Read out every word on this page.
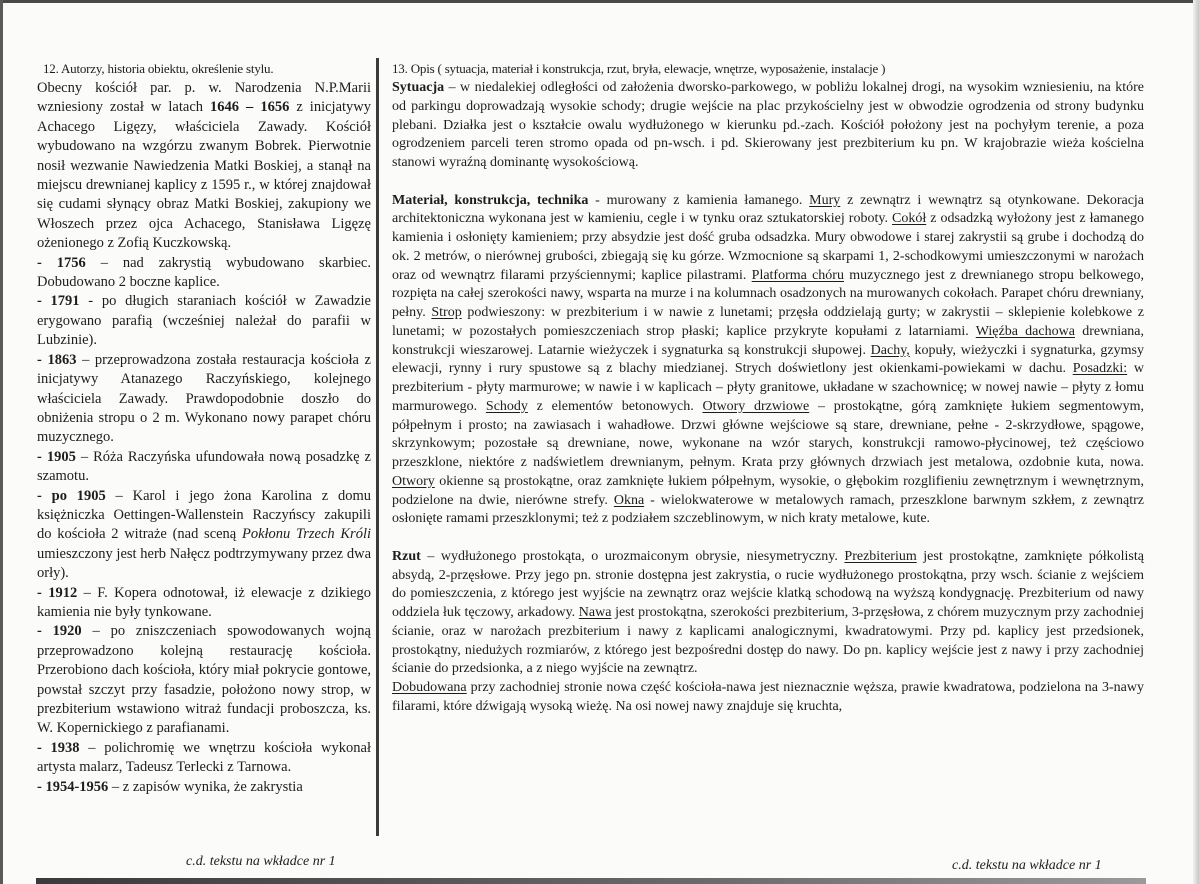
12. Autorzy, historia obiektu, określenie stylu.

Obecny kościół par. p. w. Narodzenia N.P.Marii wzniesiony został w latach 1646 – 1656 z inicjatywy Achacego Ligęzy, właściciela Zawady. Kościół wybudowano na wzgórzu zwanym Bobrek. Pierwotnie nosił wezwanie Nawiedzenia Matki Boskiej, a stanął na miejscu drewnianej kaplicy z 1595 r., w której znajdował się cudami słynący obraz Matki Boskiej, zakupiony we Włoszech przez ojca Achacego, Stanisława Ligęzę ożenionego z Zofią Kuczkowską.

- 1756 – nad zakrystią wybudowano skarbiec. Dobudowano 2 boczne kaplice.

- 1791 - po długich staraniach kościół w Zawadzie erygowano parafią (wcześniej należał do parafii w Lubzinie).

- 1863 – przeprowadzona została restauracja kościoła z inicjatywy Atanazego Raczyńskiego, kolejnego właściciela Zawady. Prawdopodobnie doszło do obniżenia stropu o 2 m. Wykonano nowy parapet chóru muzycznego.

- 1905 – Róża Raczyńska ufundowała nową posadzkę z szamotu.

- po 1905 – Karol i jego żona Karolina z domu księżniczka Oettingen-Wallenstein Raczyńscy zakupili do kościoła 2 witraże (nad sceną Pokłonu Trzech Króli umieszczony jest herb Nałęcz podtrzymywany przez dwa orły).

- 1912 – F. Kopera odnotował, iż elewacje z dzikiego kamienia nie były tynkowane.

- 1920 – po zniszczeniach spowodowanych wojną przeprowadzono kolejną restaurację kościoła. Przerobiono dach kościoła, który miał pokrycie gontowe, powstał szczyt przy fasadzie, położono nowy strop, w prezbiterium wstawiono witraż fundacji proboszcza, ks. W. Kopernickiego z parafianami.

- 1938 – polichromię we wnętrzu kościoła wykonał artysta malarz, Tadeusz Terlecki z Tarnowa.

- 1954-1956 – z zapisów wynika, że zakrystia

c.d. tekstu na wkładce nr 1
13. Opis ( sytuacja, materiał i konstrukcja, rzut, bryła, elewacje, wnętrze, wyposażenie, instalacje )

Sytuacja – w niedalekiej odległości od założenia dworsko-parkowego, w pobliżu lokalnej drogi, na wysokim wzniesieniu, na które od parkingu doprowadzają wysokie schody; drugie wejście na plac przykościelny jest w obwodzie ogrodzenia od strony budynku plebani. Działka jest o kształcie owalu wydłużonego w kierunku pd.-zach. Kościół położony jest na pochyłym terenie, a poza ogrodzeniem parceli teren stromo opada od pn-wsch. i pd. Skierowany jest prezbiterium ku pn. W krajobrazie wieża kościelna stanowi wyraźną dominantę wysokościową.

Materiał, konstrukcja, technika - murowany z kamienia łamanego. Mury z zewnątrz i wewnątrz są otynkowane. Dekoracja architektoniczna wykonana jest w kamieniu, cegle i w tynku oraz sztukatorskiej roboty. Cokół z odsadzką wyłożony jest z łamanego kamienia i osłonięty kamieniem; przy absydzie jest dość gruba odsadzka. Mury obwodowe i starej zakrystii są grube i dochodzą do ok. 2 metrów, o nierównej grubości, zbiegają się ku górze. Wzmocnione są skarpami 1, 2-schodkowymi umieszczonymi w narożach oraz od wewnątrz filarami przyściennymi; kaplice pilastrami. Platforma chóru muzycznego jest z drewnianego stropu belkowego, rozpięta na całej szerokości nawy, wsparta na murze i na kolumnach osadzonych na murowanych cokołach. Parapet chóru drewniany, pełny. Strop podwieszony: w prezbiterium i w nawie z lunetami; przęsła oddzielają gurty; w zakrystii – sklepienie kolebkowe z lunetami; w pozostałych pomieszczeniach strop płaski; kaplice przykryte kopułami z latarniami. Więźba dachowa drewniana, konstrukcji wieszarowej. Latarnie wieżyczek i sygnaturka są konstrukcji słupowej. Dachy, kopuły, wieżyczki i sygnaturka, gzymsy elewacji, rynny i rury spustowe są z blachy miedzianej. Strych doświetlony jest okienkami-powiekami w dachu. Posadzki: w prezbiterium - płyty marmurowe; w nawie i w kaplicach – płyty granitowe, układane w szachownicę; w nowej nawie – płyty z łomu marmurowego. Schody z elementów betonowych. Otwory drzwiowe – prostokątne, górą zamknięte łukiem segmentowym, półpełnym i prosto; na zawiasach i wahadłowe. Drzwi główne wejściowe są stare, drewniane, pełne - 2-skrzydłowe, spągowe, skrzynkowym; pozostałe są drewniane, nowe, wykonane na wzór starych, konstrukcji ramowo-płycinowej, też częściowo przeszklone, niektóre z nadświetlem drewnianym, pełnym. Krata przy głównych drzwiach jest metalowa, ozdobnie kuta, nowa. Otwory okienne są prostokątne, oraz zamknięte łukiem półpełnym, wysokie, o głębokim rozglifieniu zewnętrznym i wewnętrznym, podzielone na dwie, nierówne strefy. Okna - wielokwaterowe w metalowych ramach, przeszklone barwnym szkłem, z zewnątrz osłonięte ramami przeszklonymi; też z podziałem szczeblinowym, w nich kraty metalowe, kute.

Rzut – wydłużonego prostokąta, o urozmaiconym obrysie, niesymetryczny. Prezbiterium jest prostokątne, zamknięte półkolistą absydą, 2-przęsłowe. Przy jego pn. stronie dostępna jest zakrystia, o rucie wydłużonego prostokątna, przy wsch. ścianie z wejściem do pomieszczenia, z którego jest wyjście na zewnątrz oraz wejście klatką schodową na wyższą kondygnację. Prezbiterium od nawy oddziela łuk tęczowy, arkadowy. Nawa jest prostokątna, szerokości prezbiterium, 3-przęsłowa, z chórem muzycznym przy zachodniej ścianie, oraz w narożach prezbiterium i nawy z kaplicami analogicznymi, kwadratowymi. Przy pd. kaplicy jest przedsionek, prostokątny, niedużych rozmiarów, z którego jest bezpośredni dostęp do nawy. Do pn. kaplicy wejście jest z nawy i przy zachodniej ścianie do przedsionka, a z niego wyjście na zewnątrz.

Dobudowana przy zachodniej stronie nowa część kościoła-nawa jest nieznacznie węższa, prawie kwadratowa, podzielona na 3-nawy filarami, które dźwigają wysoką wieżę. Na osi nowej nawy znajduje się kruchta,

c.d. tekstu na wkładce nr 1
